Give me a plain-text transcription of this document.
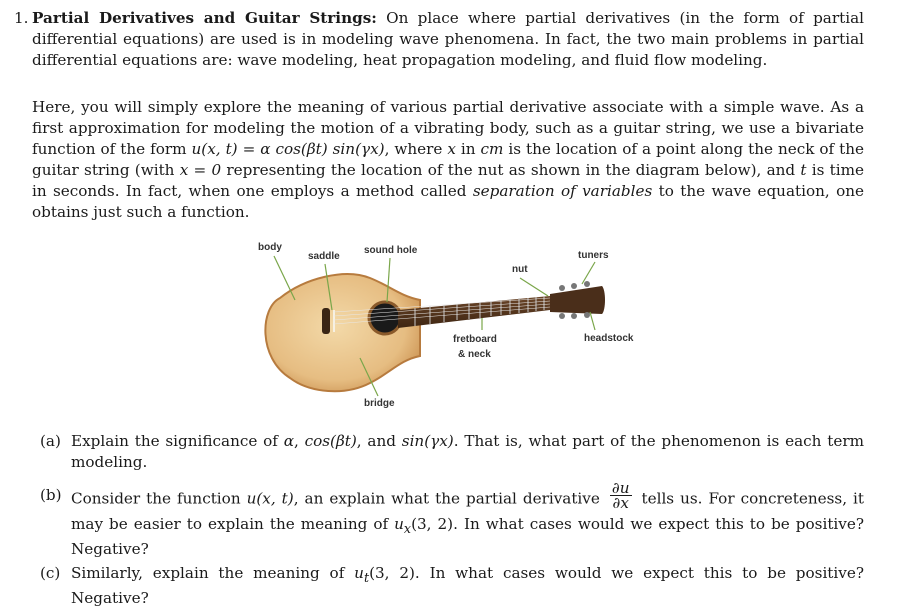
1. Partial Derivatives and Guitar Strings: On place where partial derivatives (in the form of partial differential equations) are used is in modeling wave phenomena. In fact, the two main problems in partial differential equations are: wave modeling, heat propagation modeling, and fluid flow modeling.
Here, you will simply explore the meaning of various partial derivative associate with a simple wave. As a first approximation for modeling the motion of a vibrating body, such as a guitar string, we use a bivariate function of the form u(x, t) = α cos(βt) sin(γx), where x in cm is the location of a point along the neck of the guitar string (with x = 0 representing the location of the nut as shown in the diagram below), and t is time in seconds. In fact, when one employs a method called separation of variables to the wave equation, one obtains just such a function.
body
saddle
sound hole
nut
tuners
fretboard
& neck
headstock
bridge
(a) Explain the significance of α, cos(βt), and sin(γx). That is, what part of the phenomenon is each term modeling.
(b) Consider the function u(x, t), an explain what the partial derivative $\frac{\partial u}{\partial x}$ tells us. For concreteness, it may be easier to explain the meaning of $u_x(3$, 2). In what cases would we expect this to be positive? Negative?
(c) Similarly, explain the meaning of $u_t(3$, 2). In what cases would we expect this to be positive? Negative?
